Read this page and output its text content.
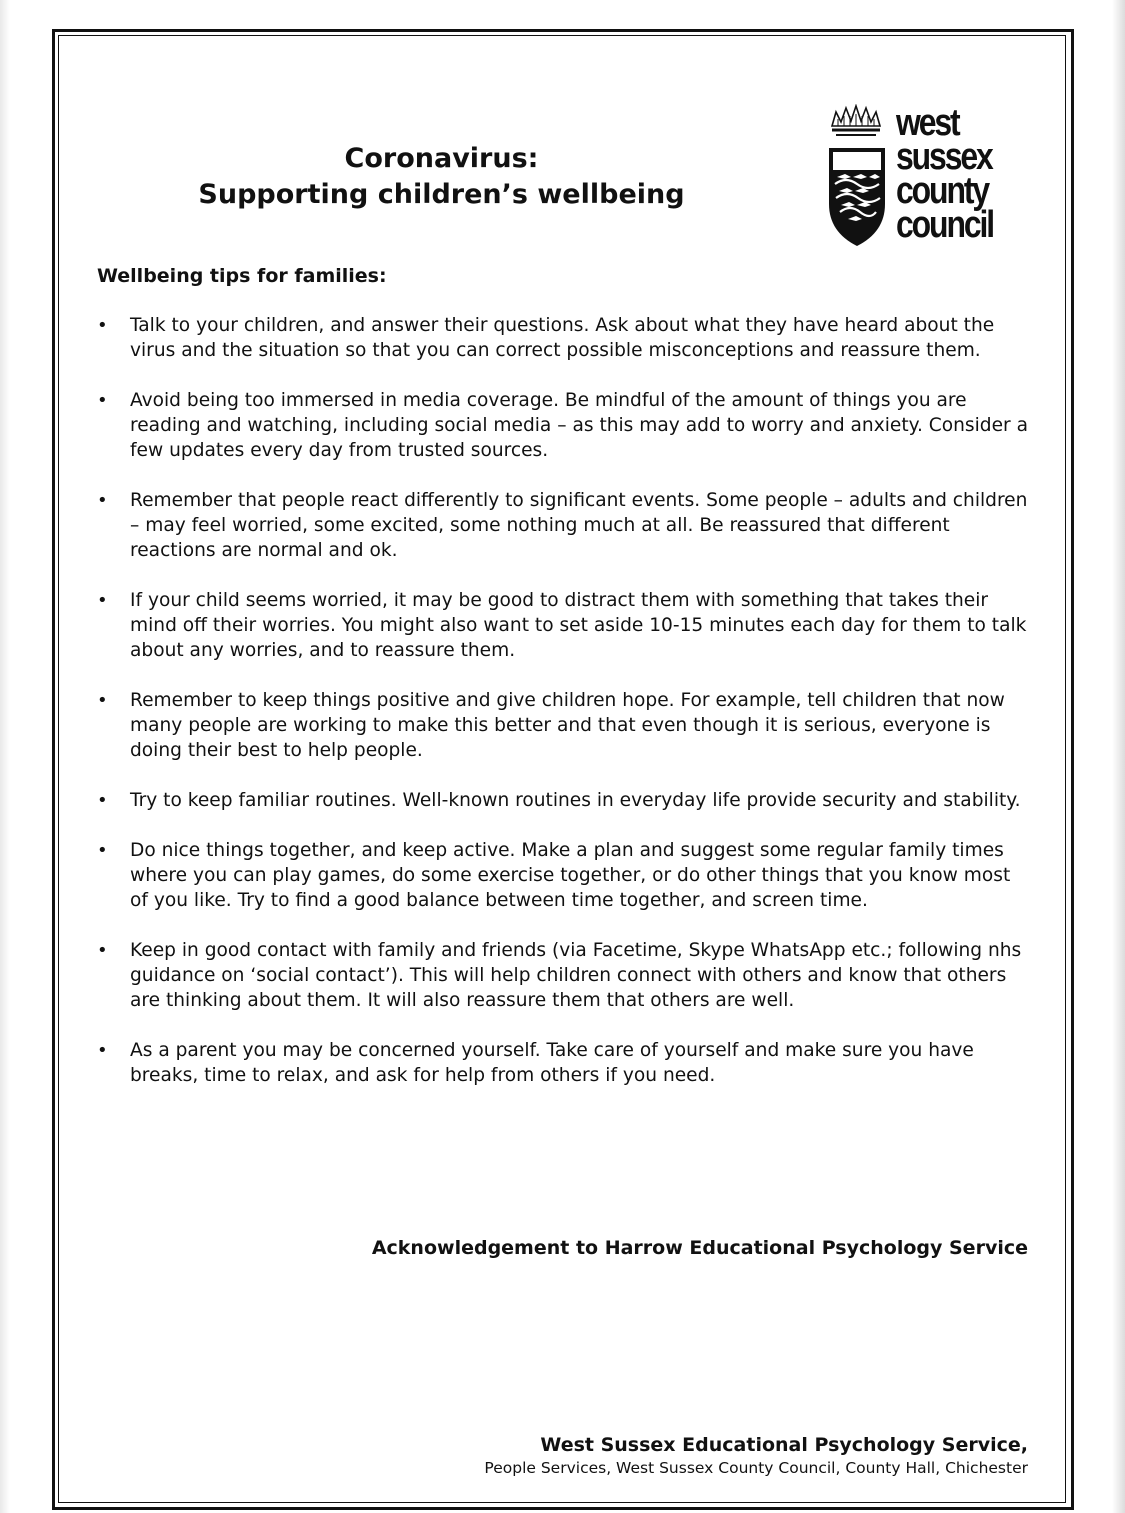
Coronavirus:
Supporting children’s wellbeing
west
sussex
county
council

Wellbeing tips for families:

• Talk to your children, and answer their questions. Ask about what they have heard about the virus and the situation so that you can correct possible misconceptions and reassure them.
• Avoid being too immersed in media coverage. Be mindful of the amount of things you are reading and watching, including social media – as this may add to worry and anxiety. Consider a few updates every day from trusted sources.
• Remember that people react differently to significant events. Some people – adults and children – may feel worried, some excited, some nothing much at all. Be reassured that different reactions are normal and ok.
• If your child seems worried, it may be good to distract them with something that takes their mind off their worries. You might also want to set aside 10-15 minutes each day for them to talk about any worries, and to reassure them.
• Remember to keep things positive and give children hope. For example, tell children that now many people are working to make this better and that even though it is serious, everyone is doing their best to help people.
• Try to keep familiar routines. Well-known routines in everyday life provide security and stability.
• Do nice things together, and keep active. Make a plan and suggest some regular family times where you can play games, do some exercise together, or do other things that you know most of you like. Try to find a good balance between time together, and screen time.
• Keep in good contact with family and friends (via Facetime, Skype WhatsApp etc.; following nhs guidance on ‘social contact’). This will help children connect with others and know that others are thinking about them. It will also reassure them that others are well.
• As a parent you may be concerned yourself. Take care of yourself and make sure you have breaks, time to relax, and ask for help from others if you need.

Acknowledgement to Harrow Educational Psychology Service

West Sussex Educational Psychology Service,
People Services, West Sussex County Council, County Hall, Chichester
